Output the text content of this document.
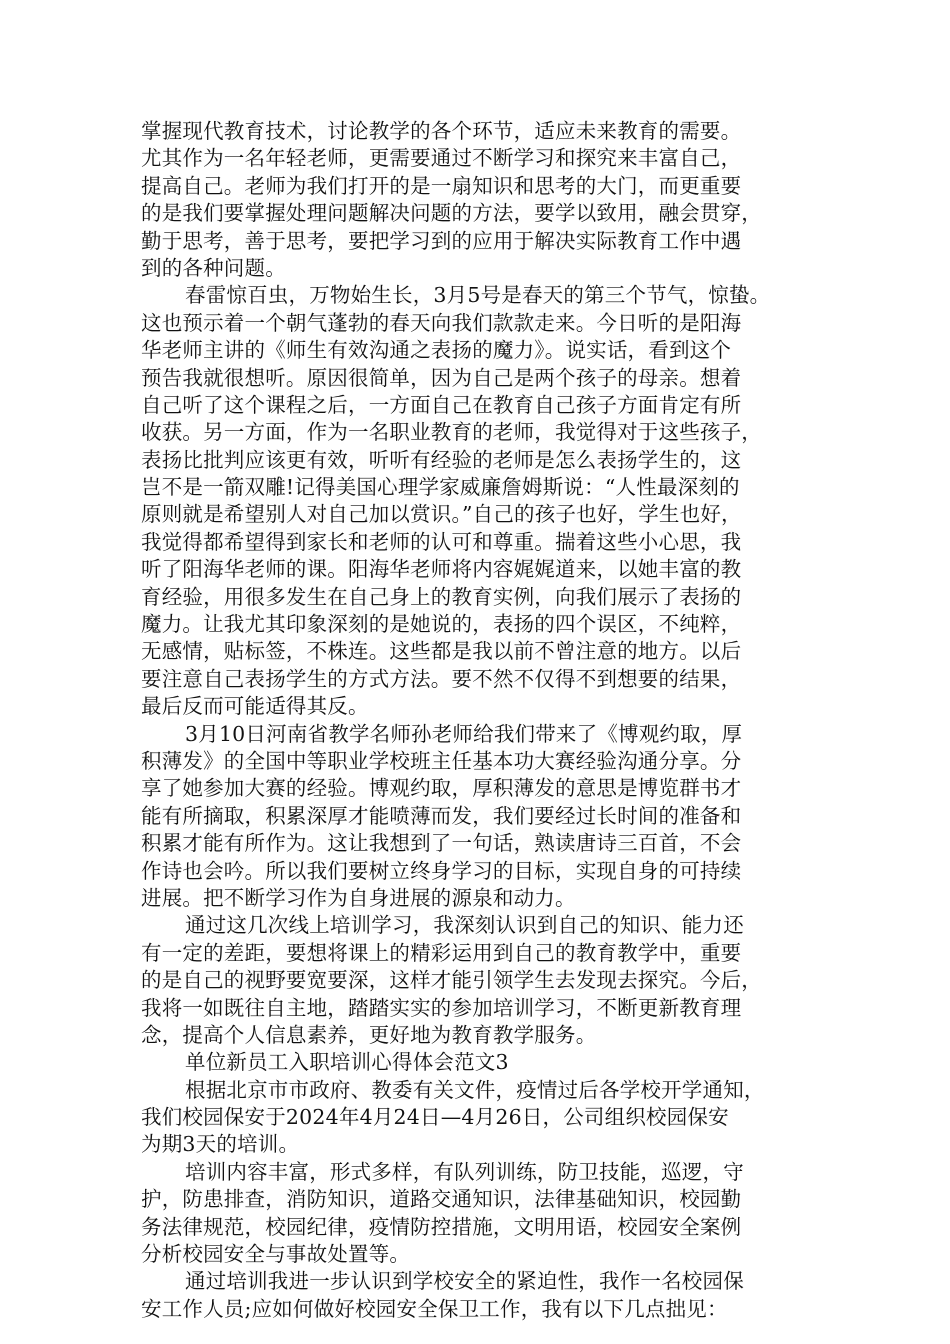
掌握现代教育技术，讨论教学的各个环节，适应未来教育的需要。
尤其作为一名年轻老师，更需要通过不断学习和探究来丰富自己，
提高自己。老师为我们打开的是一扇知识和思考的大门，而更重要
的是我们要掌握处理问题解决问题的方法，要学以致用，融会贯穿，
勤于思考，善于思考，要把学习到的应用于解决实际教育工作中遇
到的各种问题。
春雷惊百虫，万物始生长，3月5号是春天的第三个节气，惊蛰。
这也预示着一个朝气蓬勃的春天向我们款款走来。今日听的是阳海
华老师主讲的《师生有效沟通之表扬的魔力》。说实话，看到这个
预告我就很想听。原因很简单，因为自己是两个孩子的母亲。想着
自己听了这个课程之后，一方面自己在教育自己孩子方面肯定有所
收获。另一方面，作为一名职业教育的老师，我觉得对于这些孩子，
表扬比批判应该更有效，听听有经验的老师是怎么表扬学生的，这
岂不是一箭双雕!记得美国心理学家威廉詹姆斯说：“人性最深刻的
原则就是希望别人对自己加以赏识。”自己的孩子也好，学生也好，
我觉得都希望得到家长和老师的认可和尊重。揣着这些小心思，我
听了阳海华老师的课。阳海华老师将内容娓娓道来，以她丰富的教
育经验，用很多发生在自己身上的教育实例，向我们展示了表扬的
魔力。让我尤其印象深刻的是她说的，表扬的四个误区，不纯粹，
无感情，贴标签，不株连。这些都是我以前不曾注意的地方。以后
要注意自己表扬学生的方式方法。要不然不仅得不到想要的结果，
最后反而可能适得其反。
3月10日河南省教学名师孙老师给我们带来了《博观约取，厚
积薄发》的全国中等职业学校班主任基本功大赛经验沟通分享。分
享了她参加大赛的经验。博观约取，厚积薄发的意思是博览群书才
能有所摘取，积累深厚才能喷薄而发，我们要经过长时间的准备和
积累才能有所作为。这让我想到了一句话，熟读唐诗三百首，不会
作诗也会吟。所以我们要树立终身学习的目标，实现自身的可持续
进展。把不断学习作为自身进展的源泉和动力。
通过这几次线上培训学习，我深刻认识到自己的知识、能力还
有一定的差距，要想将课上的精彩运用到自己的教育教学中，重要
的是自己的视野要宽要深，这样才能引领学生去发现去探究。今后，
我将一如既往自主地，踏踏实实的参加培训学习，不断更新教育理
念，提高个人信息素养，更好地为教育教学服务。
单位新员工入职培训心得体会范文3
根据北京市市政府、教委有关文件，疫情过后各学校开学通知，
我们校园保安于2024年4月24日—4月26日，公司组织校园保安
为期3天的培训。
培训内容丰富，形式多样，有队列训练，防卫技能，巡逻，守
护，防患排查，消防知识，道路交通知识，法律基础知识，校园勤
务法律规范，校园纪律，疫情防控措施，文明用语，校园安全案例
分析校园安全与事故处置等。
通过培训我进一步认识到学校安全的紧迫性，我作一名校园保
安工作人员;应如何做好校园安全保卫工作，我有以下几点拙见：
